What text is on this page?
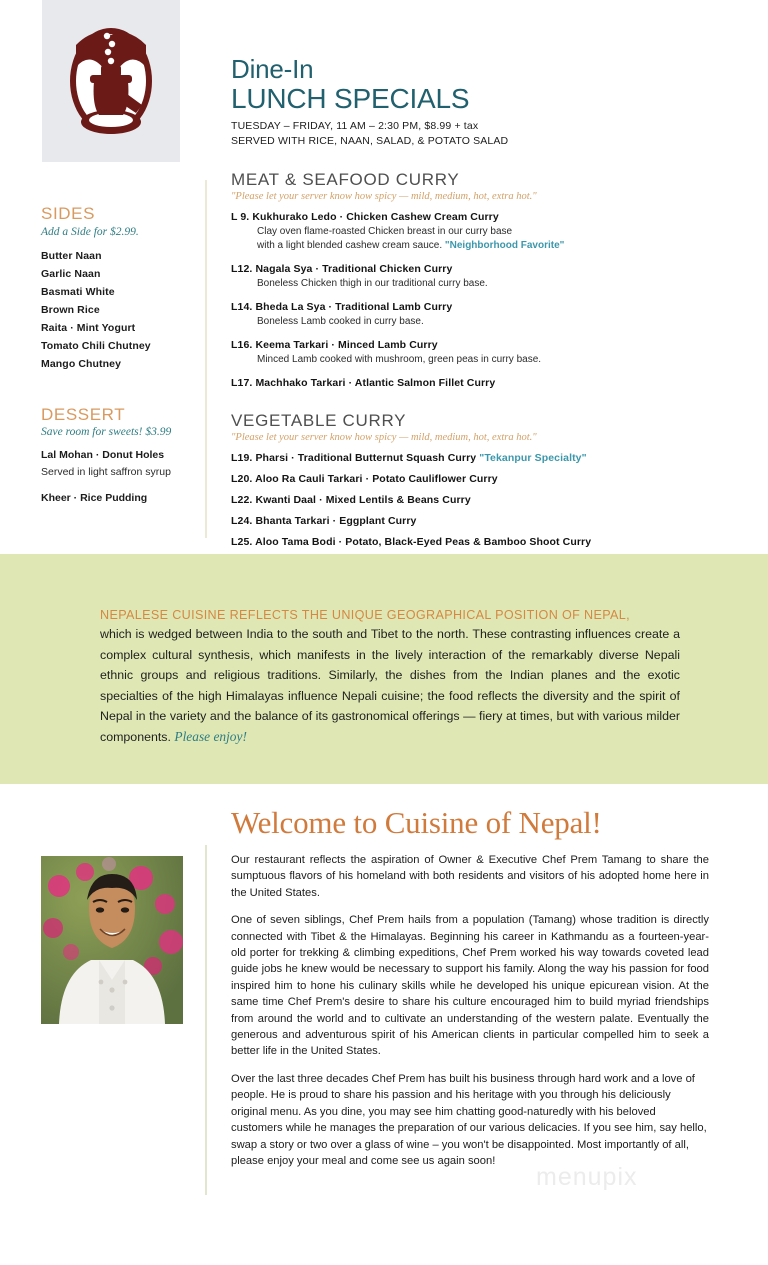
SIDES
Add a Side for $2.99.
Butter Naan
Garlic Naan
Basmati White
Brown Rice
Raita · Mint Yogurt
Tomato Chili Chutney
Mango Chutney
DESSERT
Save room for sweets! $3.99
Lal Mohan · Donut Holes
Served in light saffron syrup
Kheer · Rice Pudding
Dine-In
LUNCH SPECIALS
TUESDAY – FRIDAY, 11 AM – 2:30 PM, $8.99 + tax
SERVED WITH RICE, NAAN, SALAD, & POTATO SALAD
MEAT & SEAFOOD CURRY
"Please let your server know how spicy — mild, medium, hot, extra hot."
L 9. Kukhurako Ledo · Chicken Cashew Cream Curry
Clay oven flame-roasted Chicken breast in our curry base
with a light blended cashew cream sauce. "Neighborhood Favorite"
L12. Nagala Sya · Traditional Chicken Curry
Boneless Chicken thigh in our traditional curry base.
L14. Bheda La Sya · Traditional Lamb Curry
Boneless Lamb cooked in curry base.
L16. Keema Tarkari · Minced Lamb Curry
Minced Lamb cooked with mushroom, green peas in curry base.
L17. Machhako Tarkari · Atlantic Salmon Fillet Curry
VEGETABLE CURRY
"Please let your server know how spicy — mild, medium, hot, extra hot."
L19. Pharsi · Traditional Butternut Squash Curry "Tekanpur Specialty"
L20. Aloo Ra Cauli Tarkari · Potato Cauliflower Curry
L22. Kwanti Daal · Mixed Lentils & Beans Curry
L24. Bhanta Tarkari · Eggplant Curry
L25. Aloo Tama Bodi · Potato, Black-Eyed Peas & Bamboo Shoot Curry
NEPALESE CUISINE REFLECTS THE UNIQUE GEOGRAPHICAL POSITION OF NEPAL,
which is wedged between India to the south and Tibet to the north. These contrasting influences create a complex cultural synthesis, which manifests in the lively interaction of the remarkably diverse Nepali ethnic groups and religious traditions. Similarly, the dishes from the Indian planes and the exotic specialties of the high Himalayas influence Nepali cuisine; the food reflects the diversity and the spirit of Nepal in the variety and the balance of its gastronomical offerings — fiery at times, but with various milder components. Please enjoy!
Welcome to Cuisine of Nepal!

Our restaurant reflects the aspiration of Owner & Executive Chef Prem Tamang to share the sumptuous flavors of his homeland with both residents and visitors of his adopted home here in the United States.

One of seven siblings, Chef Prem hails from a population (Tamang) whose tradition is directly connected with Tibet & the Himalayas. Beginning his career in Kathmandu as a fourteen-year-old porter for trekking & climbing expeditions, Chef Prem worked his way towards coveted lead guide jobs he knew would be necessary to support his family. Along the way his passion for food inspired him to hone his culinary skills while he developed his unique epicurean vision. At the same time Chef Prem's desire to share his culture encouraged him to build myriad friendships from around the world and to cultivate an understanding of the western palate. Eventually the generous and adventurous spirit of his American clients in particular compelled him to seek a better life in the United States.

Over the last three decades Chef Prem has built his business through hard work and a love of people. He is proud to share his passion and his heritage with you through his deliciously original menu. As you dine, you may see him chatting good-naturedly with his beloved customers while he manages the preparation of our various delicacies. If you see him, say hello, swap a story or two over a glass of wine – you won't be disappointed. Most importantly of all, please enjoy your meal and come see us again soon!

menupix
